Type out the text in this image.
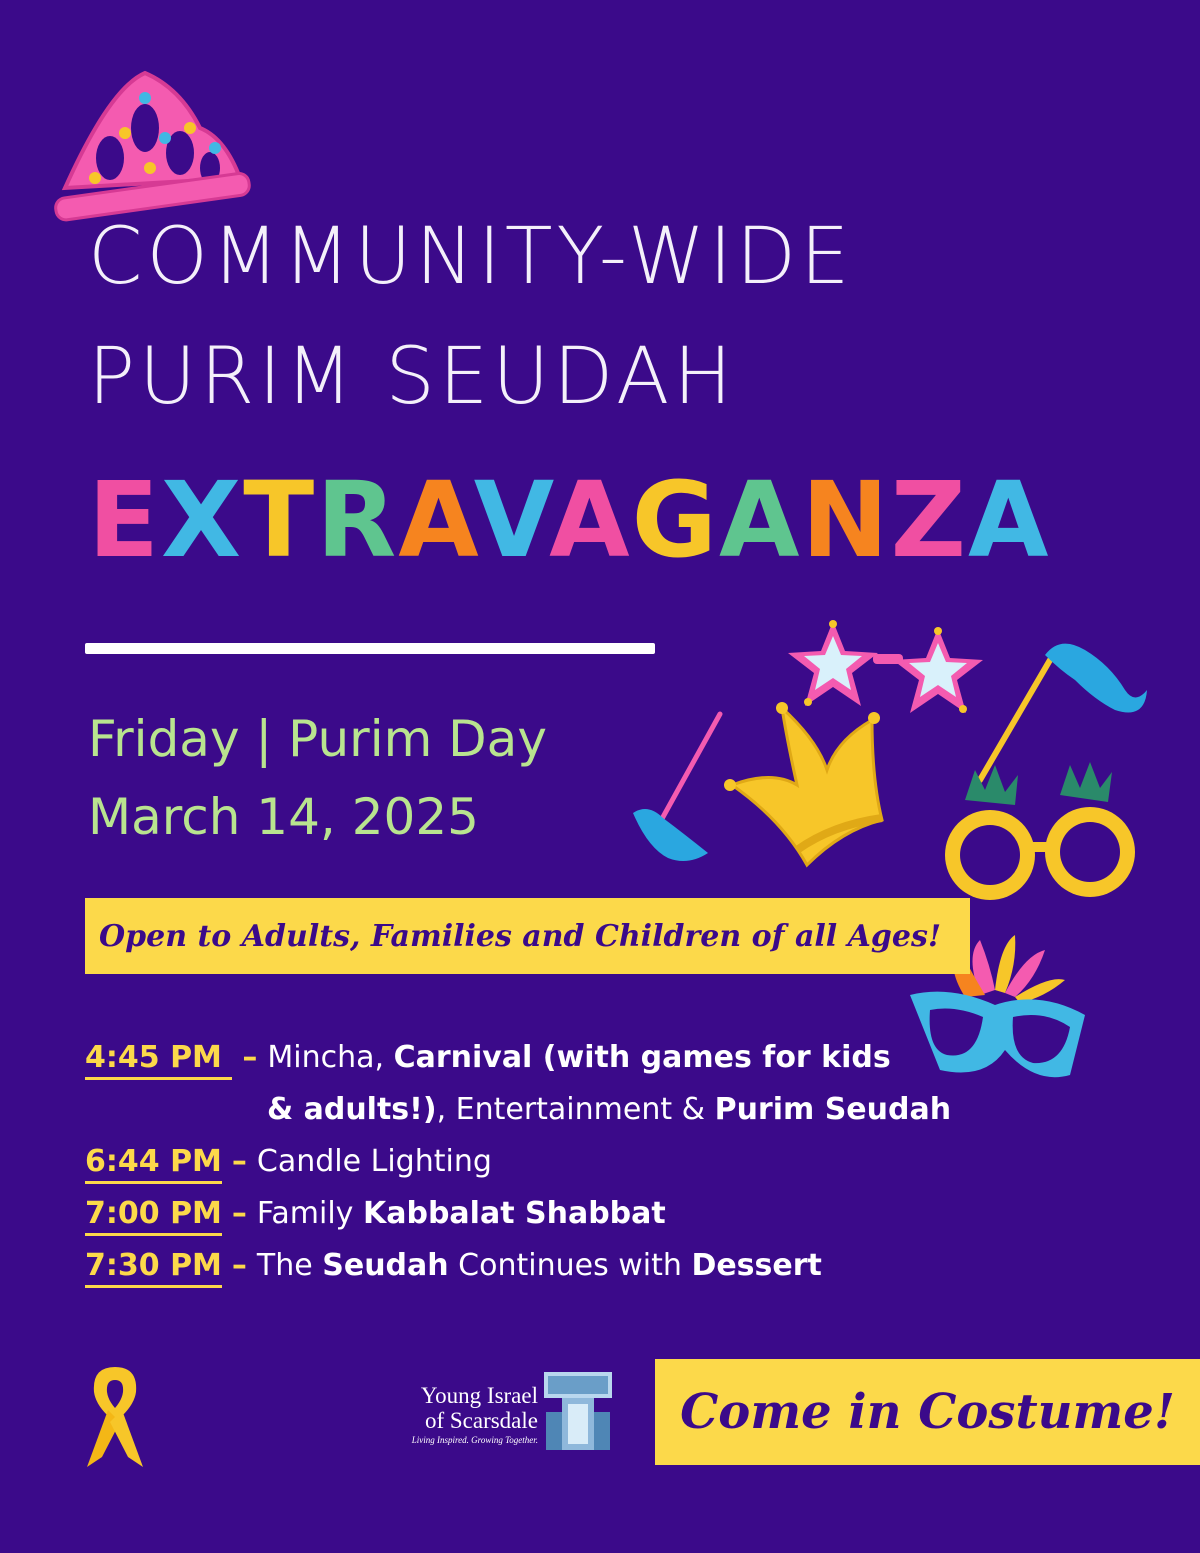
COMMUNITY-WIDE
PURIM SEUDAH
EXTRAVAGANZA
Friday | Purim Day
March 14, 2025
Open to Adults, Families and Children of all Ages!
4:45 PM – Mincha, Carnival (with games for kids
& adults!), Entertainment & Purim Seudah
6:44 PM – Candle Lighting
7:00 PM – Family Kabbalat Shabbat
7:30 PM – The Seudah Continues with Dessert
Young Israel
of Scarsdale
Living Inspired. Growing Together.	Come in Costume!
